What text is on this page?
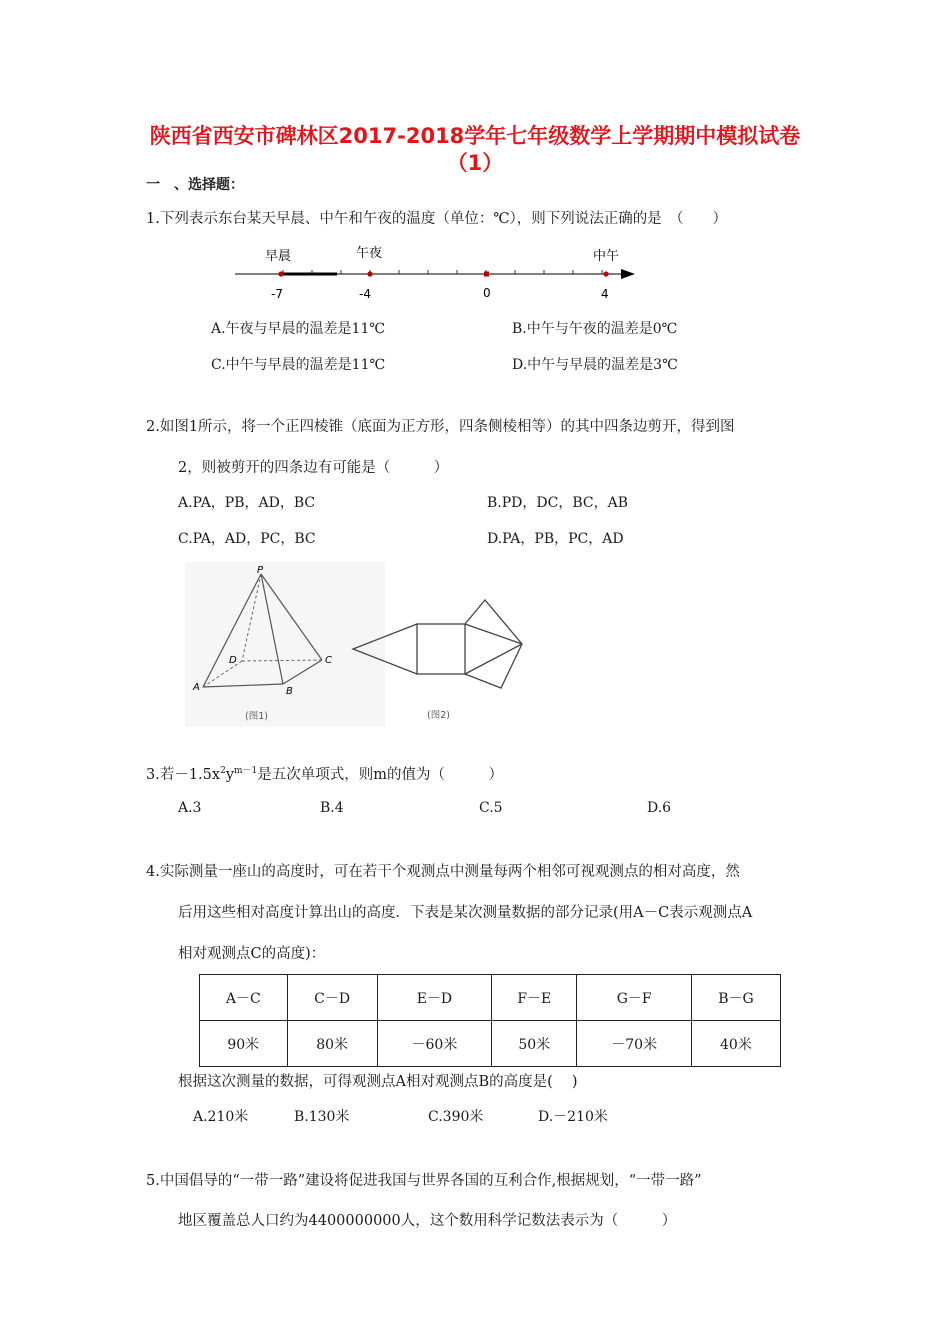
陕西省西安市碑林区2017-2018学年七年级数学上学期期中模拟试卷
（1）
一　、选择题：
1.下列表示东台某天早晨、中午和午夜的温度（单位：℃），则下列说法正确的是　（　　）
早晨	午夜	中午
-7	-4	0	4
A.午夜与早晨的温差是11℃	B.中午与午夜的温差是0℃
C.中午与早晨的温差是11℃	D.中午与早晨的温差是3℃
2.如图1所示，将一个正四棱锥（底面为正方形，四条侧棱相等）的其中四条边剪开，得到图
2，则被剪开的四条边有可能是（　　　）
A.PA，PB，AD，BC	B.PD，DC，BC，AB
C.PA，AD，PC，BC	D.PA，PB，PC，AD
P
A	B
C
D
(图1)	(图2)
3.若$-1.5x^2y^{m-1}$是五次单项式，则m的值为（　　　）
A.3	B.4	C.5	D.6
4.实际测量一座山的高度时，可在若干个观测点中测量每两个相邻可视观测点的相对高度，然
后用这些相对高度计算出山的高度．下表是某次测量数据的部分记录(用A－C表示观测点A
相对观测点C的高度)：
A－C	C－D	E－D	F－E	G－F	B－G
90米	80米	－60米	50米	－70米	40米
根据这次测量的数据，可得观测点A相对观测点B的高度是(　 )
A.210米	B.130米	C.390米	D.－210米
5.中国倡导的“一带一路”建设将促进我国与世界各国的互利合作,根据规划，“一带一路”
地区覆盖总人口约为4400000000人，这个数用科学记数法表示为（　　　）
